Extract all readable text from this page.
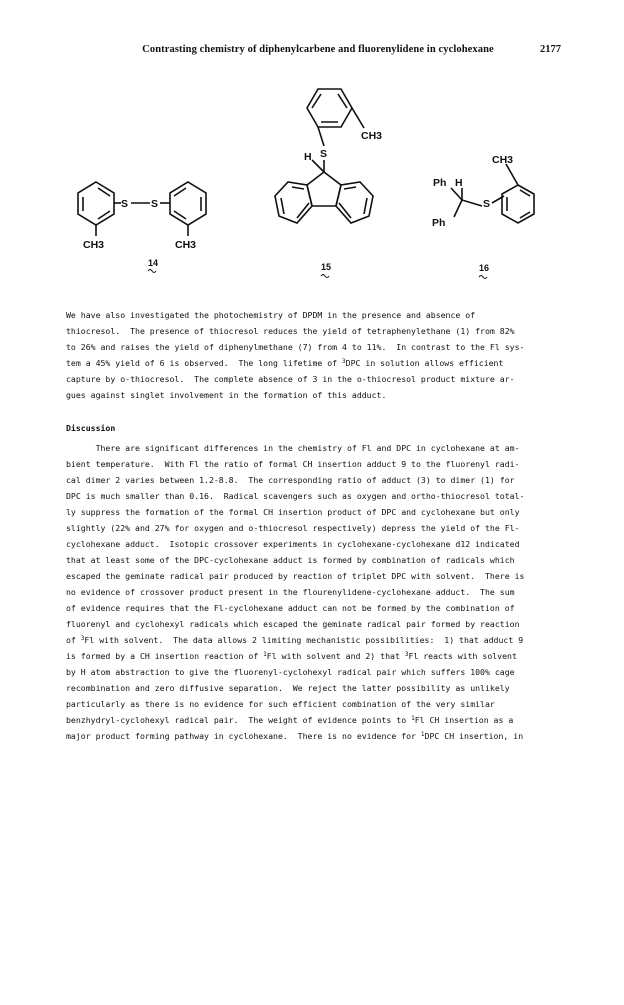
Contrasting chemistry of diphenylcarbene and fluorenylidene in cyclohexane	2177
S S
CH3	CH3
S
H
CH3
S
Ph H
Ph
CH3
14	15	16
We have also investigated the photochemistry of DPDM in the presence and absence of
thiocresol.  The presence of thiocresol reduces the yield of tetraphenylethane (1) from 82%
to 26% and raises the yield of diphenylmethane (7) from 4 to 11%.  In contrast to the Fl sys-
tem a 45% yield of 6 is observed.  The long lifetime of $^3$DPC in solution allows efficient
capture by o-thiocresol.  The complete absence of 3 in the o-thiocresol product mixture ar-
gues against singlet involvement in the formation of this adduct.
Discussion
There are significant differences in the chemistry of Fl and DPC in cyclohexane at am-
bient temperature.  With Fl the ratio of formal CH insertion adduct 9 to the fluorenyl radi-
cal dimer 2 varies between 1.2-8.8.  The corresponding ratio of adduct (3) to dimer (1) for
DPC is much smaller than 0.16.  Radical scavengers such as oxygen and ortho-thiocresol total-
ly suppress the formation of the formal CH insertion product of DPC and cyclohexane but only
slightly (22% and 27% for oxygen and o-thiocresol respectively) depress the yield of the Fl-
cyclohexane adduct.  Isotopic crossover experiments in cyclohexane-cyclohexane d12 indicated
that at least some of the DPC-cyclohexane adduct is formed by combination of radicals which
escaped the geminate radical pair produced by reaction of triplet DPC with solvent.  There is
no evidence of crossover product present in the flourenylidene-cyclohexane adduct.  The sum
of evidence requires that the Fl-cyclohexane adduct can not be formed by the combination of
fluorenyl and cyclohexyl radicals which escaped the geminate radical pair formed by reaction
of $^3$Fl with solvent.  The data allows 2 limiting mechanistic possibilities:  1) that adduct 9
is formed by a CH insertion reaction of $^1$Fl with solvent and 2) that $^3$Fl reacts with solvent
by H atom abstraction to give the fluorenyl-cyclohexyl radical pair which suffers 100% cage
recombination and zero diffusive separation.  We reject the latter possibility as unlikely
particularly as there is no evidence for such efficient combination of the very similar
benzhydryl-cyclohexyl radical pair.  The weight of evidence points to $^1$Fl CH insertion as a
major product forming pathway in cyclohexane.  There is no evidence for $^1$DPC CH insertion, in
